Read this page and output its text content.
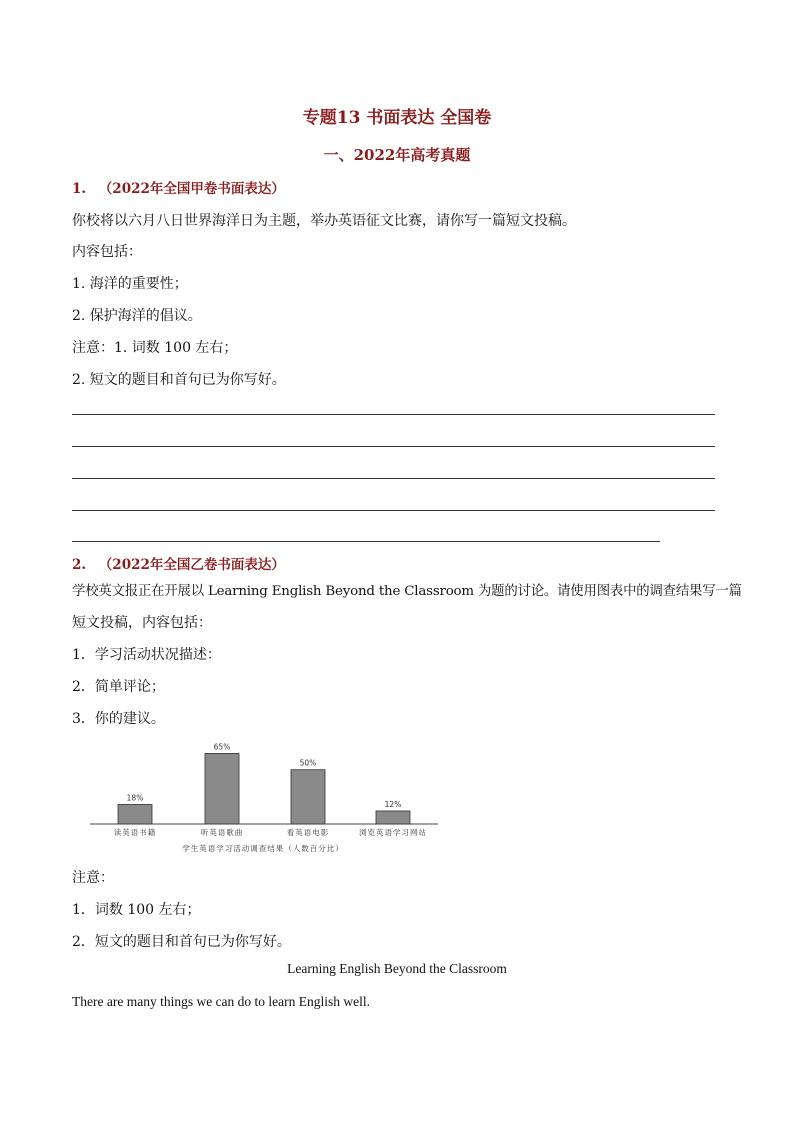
专题13 书面表达 全国卷
一、2022年高考真题
1. （2022年全国甲卷书面表达）
你校将以六月八日世界海洋日为主题，举办英语征文比赛，请你写一篇短文投稿。
内容包括：
1. 海洋的重要性；
2. 保护海洋的倡议。
注意：1. 词数 100 左右；
2. 短文的题目和首句已为你写好。
2. （2022年全国乙卷书面表达）
学校英文报正在开展以 Learning English Beyond the Classroom 为题的讨论。请使用图表中的调查结果写一篇
短文投稿，内容包括：
1．学习活动状况描述：
2．简单评论；
3．你的建议。
学生英语学习活动调查结果（人数百分比）
18%
读英语书籍
65%
听英语歌曲
50%
看英语电影
12%
浏览英语学习网站
注意：
1．词数 100 左右；
2．短文的题目和首句已为你写好。
Learning English Beyond the Classroom
There are many things we can do to learn English well.
